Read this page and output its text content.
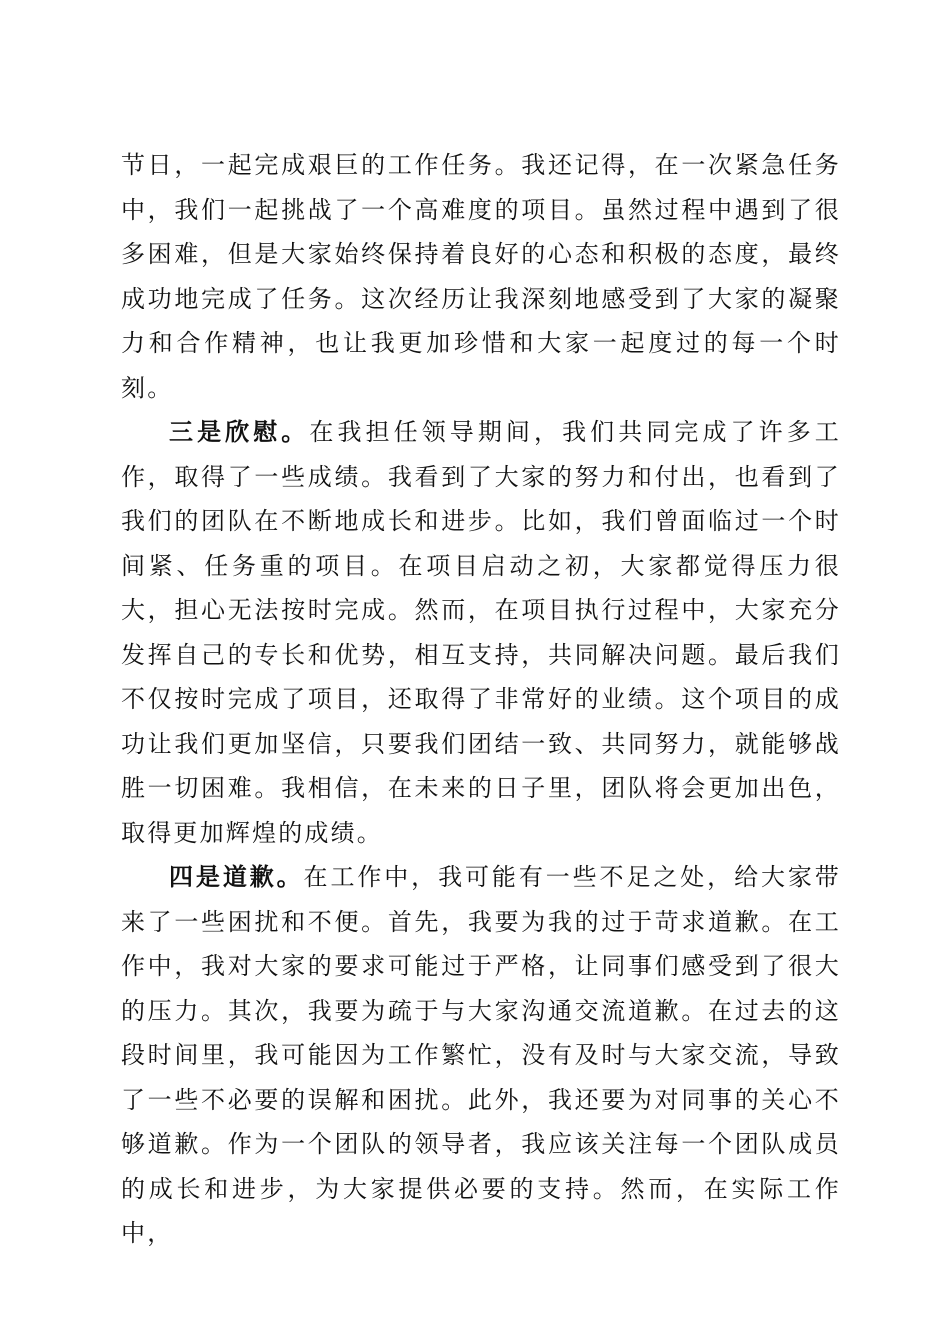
节日，一起完成艰巨的工作任务。我还记得，在一次紧急任务中，我们一起挑战了一个高难度的项目。虽然过程中遇到了很多困难，但是大家始终保持着良好的心态和积极的态度，最终成功地完成了任务。这次经历让我深刻地感受到了大家的凝聚力和合作精神，也让我更加珍惜和大家一起度过的每一个时刻。

三是欣慰。在我担任领导期间，我们共同完成了许多工作，取得了一些成绩。我看到了大家的努力和付出，也看到了我们的团队在不断地成长和进步。比如，我们曾面临过一个时间紧、任务重的项目。在项目启动之初，大家都觉得压力很大，担心无法按时完成。然而，在项目执行过程中，大家充分发挥自己的专长和优势，相互支持，共同解决问题。最后我们不仅按时完成了项目，还取得了非常好的业绩。这个项目的成功让我们更加坚信，只要我们团结一致、共同努力，就能够战胜一切困难。我相信，在未来的日子里，团队将会更加出色，取得更加辉煌的成绩。

四是道歉。在工作中，我可能有一些不足之处，给大家带来了一些困扰和不便。首先，我要为我的过于苛求道歉。在工作中，我对大家的要求可能过于严格，让同事们感受到了很大的压力。其次，我要为疏于与大家沟通交流道歉。在过去的这段时间里，我可能因为工作繁忙，没有及时与大家交流，导致了一些不必要的误解和困扰。此外，我还要为对同事的关心不够道歉。作为一个团队的领导者，我应该关注每一个团队成员的成长和进步，为大家提供必要的支持。然而，在实际工作中，
